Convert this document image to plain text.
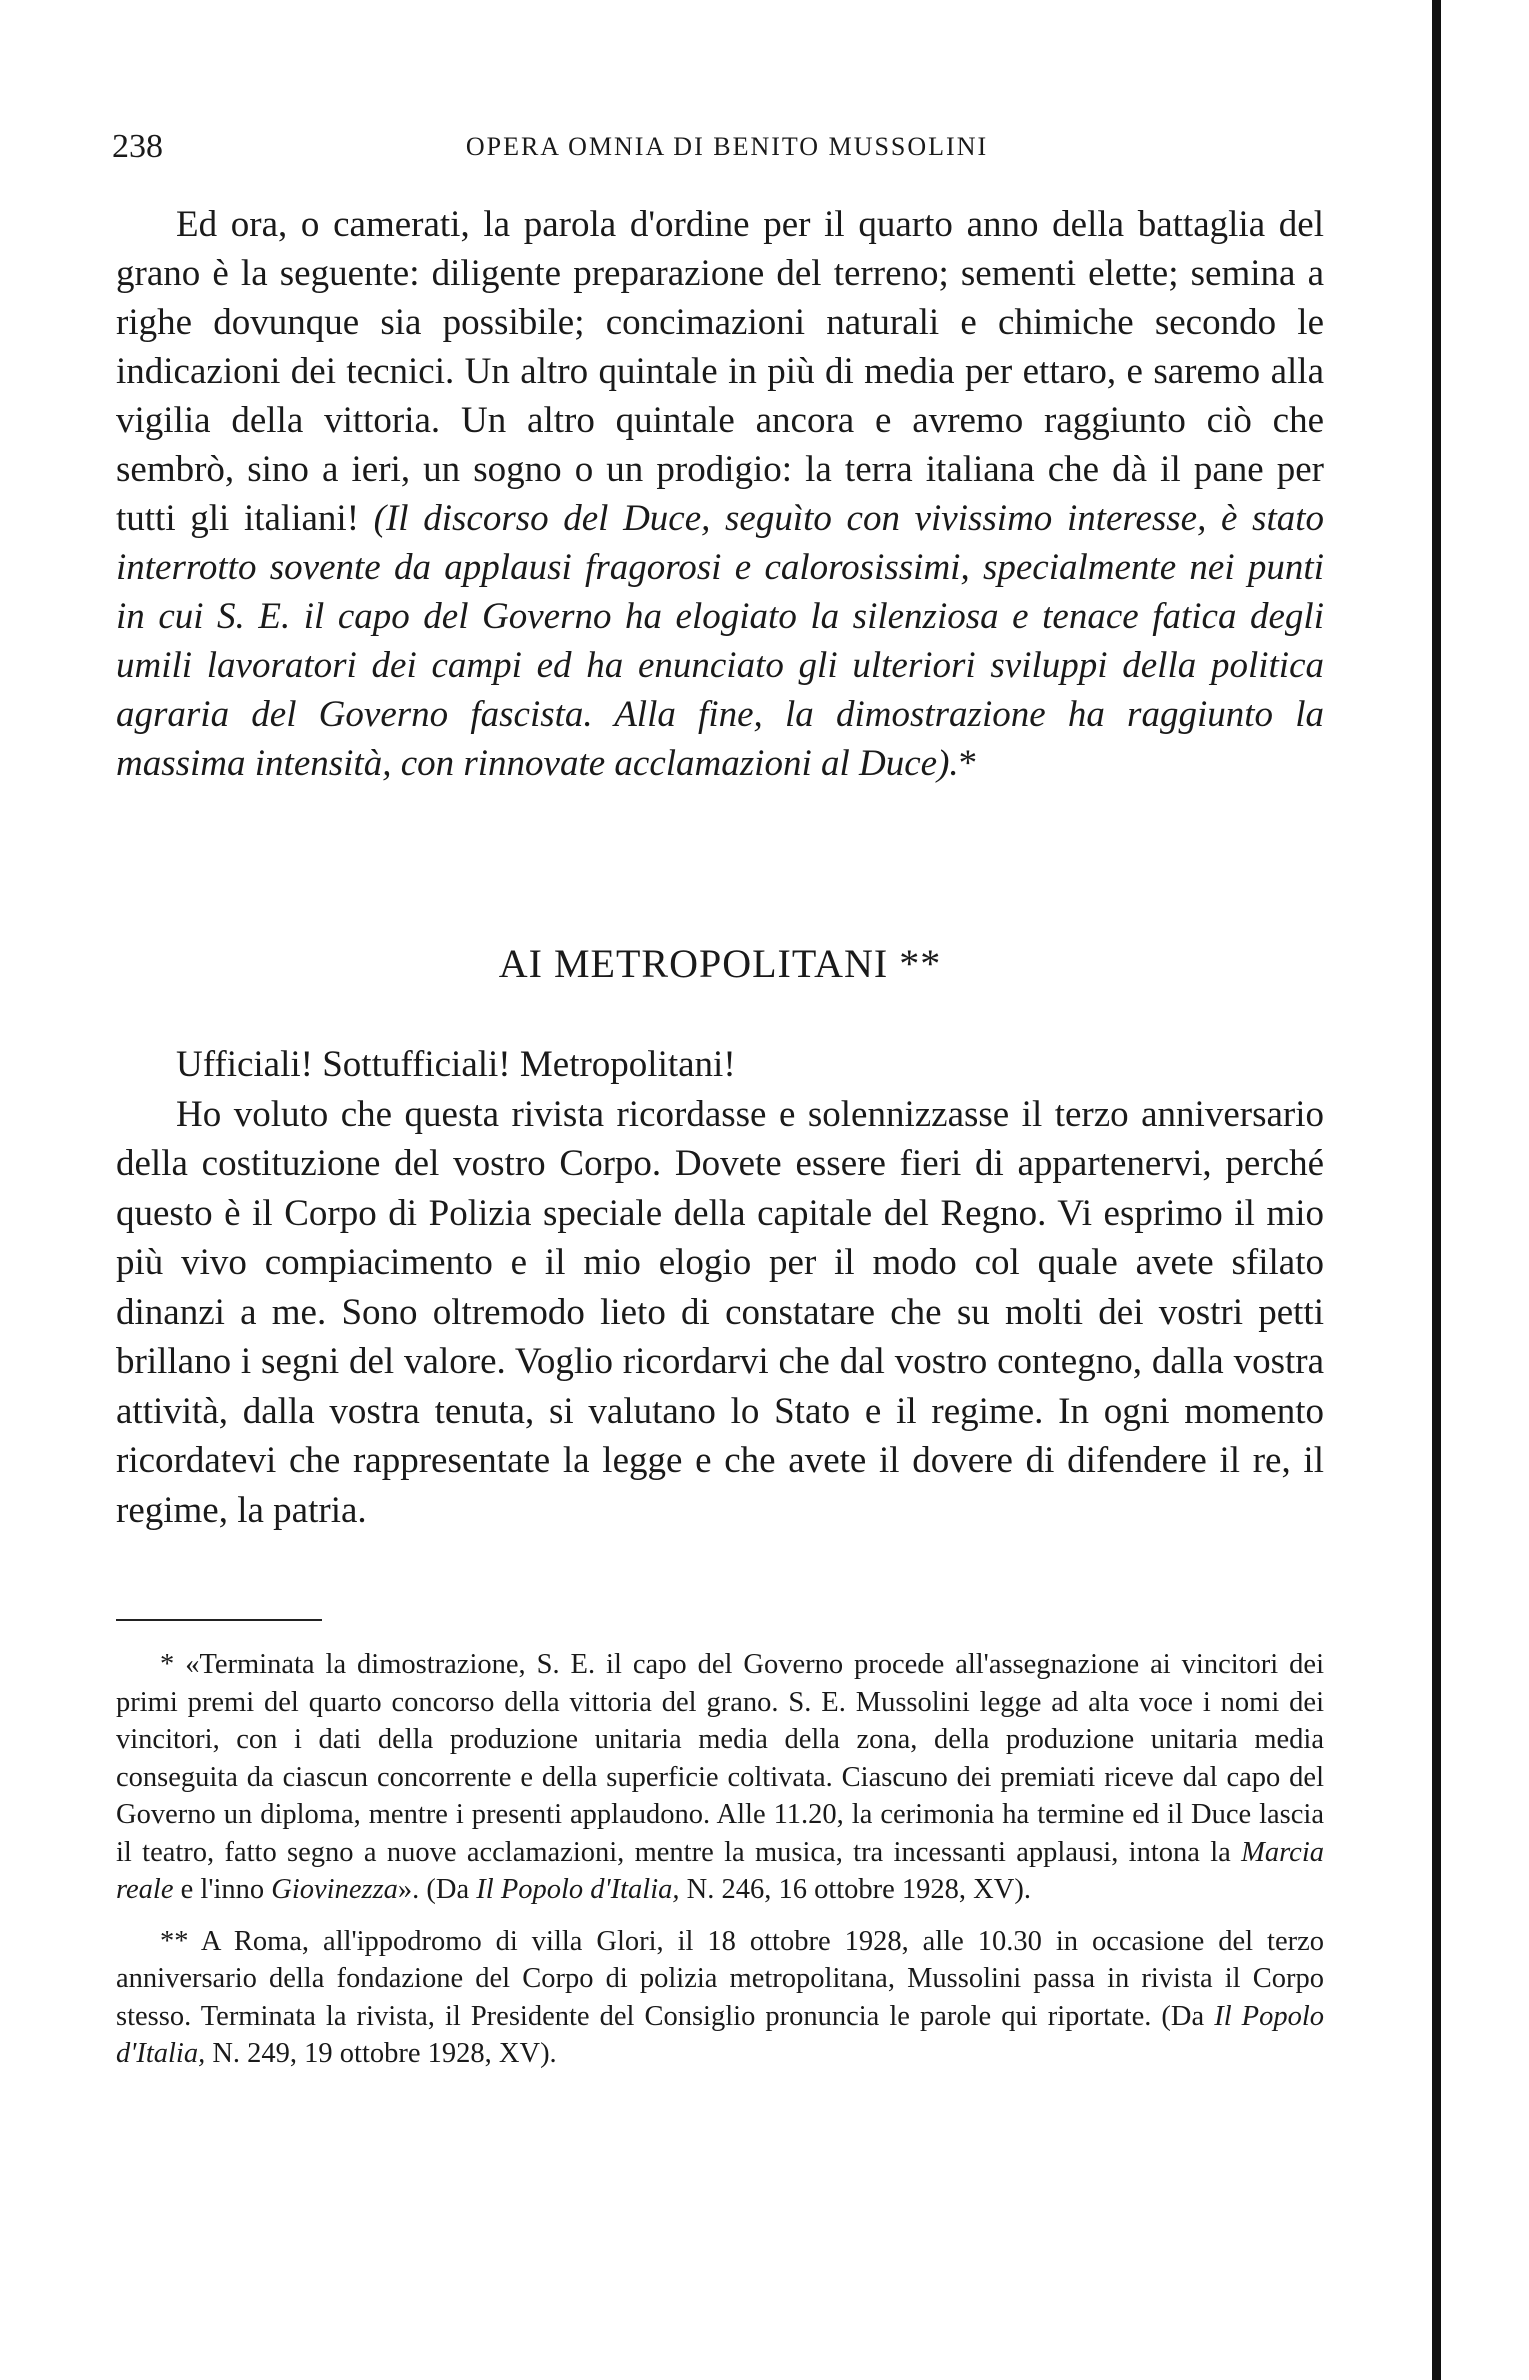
238	OPERA OMNIA DI BENITO MUSSOLINI

Ed ora, o camerati, la parola d'ordine per il quarto anno della battaglia del grano è la seguente: diligente preparazione del terreno; sementi elette; semina a righe dovunque sia possibile; concimazioni naturali e chimiche secondo le indicazioni dei tecnici. Un altro quintale in più di media per ettaro, e saremo alla vigilia della vittoria. Un altro quintale ancora e avremo raggiunto ciò che sembrò, sino a ieri, un sogno o un prodigio: la terra italiana che dà il pane per tutti gli italiani! (Il discorso del Duce, seguìto con vivissimo interesse, è stato interrotto sovente da applausi fragorosi e calorosissimi, specialmente nei punti in cui S. E. il capo del Governo ha elogiato la silenziosa e tenace fatica degli umili lavoratori dei campi ed ha enunciato gli ulteriori sviluppi della politica agraria del Governo fascista. Alla fine, la dimostrazione ha raggiunto la massima intensità, con rinnovate acclamazioni al Duce).*

AI METROPOLITANI **

Ufficiali! Sottufficiali! Metropolitani!

Ho voluto che questa rivista ricordasse e solennizzasse il terzo anniversario della costituzione del vostro Corpo. Dovete essere fieri di appartenervi, perché questo è il Corpo di Polizia speciale della capitale del Regno. Vi esprimo il mio più vivo compiacimento e il mio elogio per il modo col quale avete sfilato dinanzi a me. Sono oltremodo lieto di constatare che su molti dei vostri petti brillano i segni del valore. Voglio ricordarvi che dal vostro contegno, dalla vostra attività, dalla vostra tenuta, si valutano lo Stato e il regime. In ogni momento ricordatevi che rappresentate la legge e che avete il dovere di difendere il re, il regime, la patria.

* «Terminata la dimostrazione, S. E. il capo del Governo procede all'assegnazione ai vincitori dei primi premi del quarto concorso della vittoria del grano. S. E. Mussolini legge ad alta voce i nomi dei vincitori, con i dati della produzione unitaria media della zona, della produzione unitaria media conseguita da ciascun concorrente e della superficie coltivata. Ciascuno dei premiati riceve dal capo del Governo un diploma, mentre i presenti applaudono. Alle 11.20, la cerimonia ha termine ed il Duce lascia il teatro, fatto segno a nuove acclamazioni, mentre la musica, tra incessanti applausi, intona la Marcia reale e l'inno Giovinezza». (Da Il Popolo d'Italia, N. 246, 16 ottobre 1928, XV).

** A Roma, all'ippodromo di villa Glori, il 18 ottobre 1928, alle 10.30 in occasione del terzo anniversario della fondazione del Corpo di polizia metropolitana, Mussolini passa in rivista il Corpo stesso. Terminata la rivista, il Presidente del Consiglio pronuncia le parole qui riportate. (Da Il Popolo d'Italia, N. 249, 19 ottobre 1928, XV).
